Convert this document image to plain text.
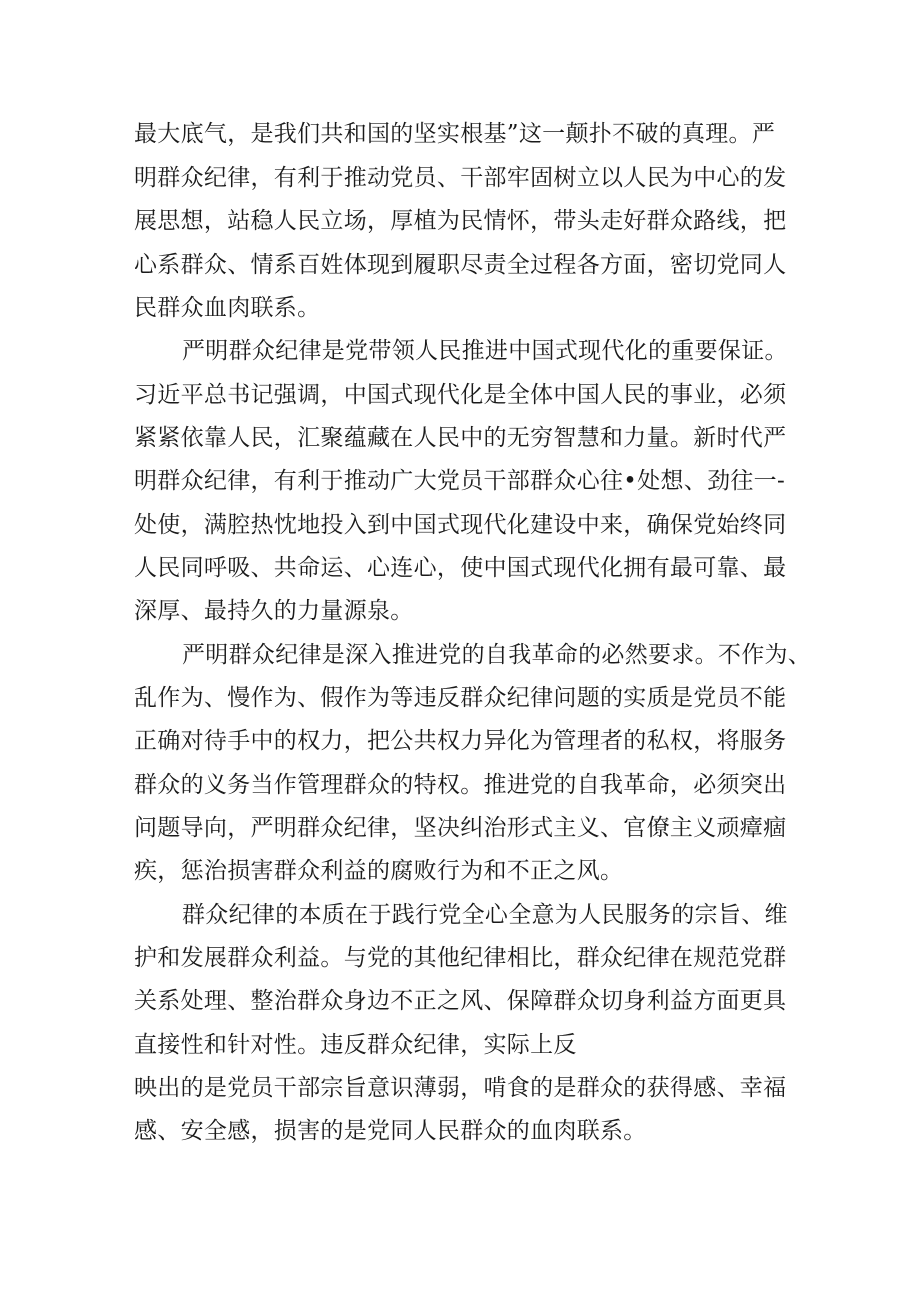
最大底气，是我们共和国的坚实根基”这一颠扑不破的真理。严
明群众纪律，有利于推动党员、干部牢固树立以人民为中心的发
展思想，站稳人民立场，厚植为民情怀，带头走好群众路线，把
心系群众、情系百姓体现到履职尽责全过程各方面，密切党同人
民群众血肉联系。
严明群众纪律是党带领人民推进中国式现代化的重要保证。
习近平总书记强调，中国式现代化是全体中国人民的事业，必须
紧紧依靠人民，汇聚蕴藏在人民中的无穷智慧和力量。新时代严
明群众纪律，有利于推动广大党员干部群众心往•处想、劲往一-
处使，满腔热忱地投入到中国式现代化建设中来，确保党始终同
人民同呼吸、共命运、心连心，使中国式现代化拥有最可靠、最
深厚、最持久的力量源泉。
严明群众纪律是深入推进党的自我革命的必然要求。不作为、
乱作为、慢作为、假作为等违反群众纪律问题的实质是党员不能
正确对待手中的权力，把公共权力异化为管理者的私权，将服务
群众的义务当作管理群众的特权。推进党的自我革命，必须突出
问题导向，严明群众纪律，坚决纠治形式主义、官僚主义顽瘴痼
疾，惩治损害群众利益的腐败行为和不正之风。
群众纪律的本质在于践行党全心全意为人民服务的宗旨、维
护和发展群众利益。与党的其他纪律相比，群众纪律在规范党群
关系处理、整治群众身边不正之风、保障群众切身利益方面更具
直接性和针对性。违反群众纪律，实际上反
映出的是党员干部宗旨意识薄弱，啃食的是群众的获得感、幸福
感、安全感，损害的是党同人民群众的血肉联系。
